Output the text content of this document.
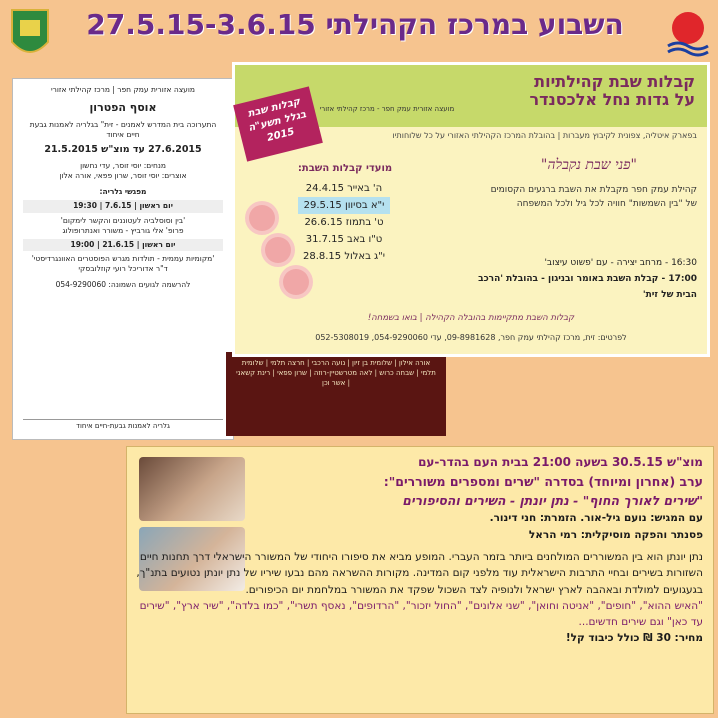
השבוע במרכז הקהילתי 27.5.15-3.6.15
מועצה אזורית עמק חפר | מרכז קהילתי אזורי
אוסף הפטרון
התערוכה בית המדרש לאמנים - זית" בגלריה לאמנות גבעת חיים איחוד
27.6.2015 עד מוצ"ש 21.5.2015
מנחים: יוסי זוסר, עדי נחשון
אוצרים: יוסי זוסר, שרון פפאי, אורה אלון
מפגשי גלריה:
יום ראשון | 7.6.15 | 19:30
'בין וסוסלביה לעטוננים והקשר לימקום'
פרופ' אלי גורביץ - משורר ואנתרופולוג
יום ראשון | 21.6.15 | 19:00
'מקומיות עממית - תולדות מגרש הפוסטרים האוונגרדיסטי'
ד"ר אדוריכל רועי קוזלובסקי
להרשמה לגועים השמונה: 054-9290060
גלריה לאמנות גבעת-חיים איחוד
אורה אילון | שלומית בן זיון | נועה הרכבי | חרצה תלמי | שלומית תלמי | שבחה כרוש | לאה מטרשטיין-רוזה | שרון פפאי | רינת קשאני | אשר וכן
קבלות שבת קהילתיות
על גדות נחל אלכסנדר
מועצה אזורית עמק חפר - מרכז קהילתי אזורי
בפארק איטליה, צפונית לקיבוץ מעברות | בהובלת המרכז הקהילתי האזורי על כל שלוחותיו
"פני שבת נקבלה"
קהילת עמק חפר מקבלת את השבת ברגעים הקסומים של "בין השמשות" חוויה לכל גיל ולכל המשפחה
16:30 - מרחב יצירה - עם 'פשוט עיצוב'
17:00 - קבלת השבת באומר ובניגון - בהובלת 'הרכב הבית של זית'
מועדי קבלות השבת:
ה' באייר 24.4.15
י"א בסיוון 29.5.15
ט' בתמוז 26.6.15
ט"ו באב 31.7.15
י"ג באלול 28.8.15
קבלות שבת בגלל תשע"ה 2015
קבלות השבת מתקיימות בהובלה הקהילה | בואו בשמחה!
לפרטים: זית, מרכז קהילתי עמק חפר, 09-8981628, עדי 054-9290060, 052-5308019
מוצ"ש 30.5.15 בשעה 21:00 בבית העם בהדר-עם
ערב (אחרון ומיוחד) בסדרה "שרים ומספרים משוררים":
"שירים לאורך החוף" - נתן יונתן - השירים והסיפורים
עם המגיש: נועם גיל-אור. הזמרת: חני דינור.
פסנתר והפקה מוסיקלית: רמי הראל
נתן יונתן הוא בין המשוררים המולחנים ביותר בזמר העברי. המופע מביא את סיפורו היחודי של המשורר הישראלי דרך תחנות חיים השזורות בשירים ובחיי התרבות הישראלית עוד מלפני קום המדינה. מקורות ההשראה מהם נבעו שיריו של נתן יונתן נטועים בתנ"ך, בגעגועים למולדת ובאהבה לארץ ישראל ולנופיה לצד השכול שפקד את המשורר במלחמת יום הכיפורים.
"האיש ההוא", "חופים", "אניטה וחואן", "שני אלונים", "החול יזכור", "הרדופים", נאסף תשרי", "כמו בלדה", "שיר ארץ", "שירים עד כאן" וגם שירים חדשים...
מחיר: 30 ₪ כולל כיבוד קל!
